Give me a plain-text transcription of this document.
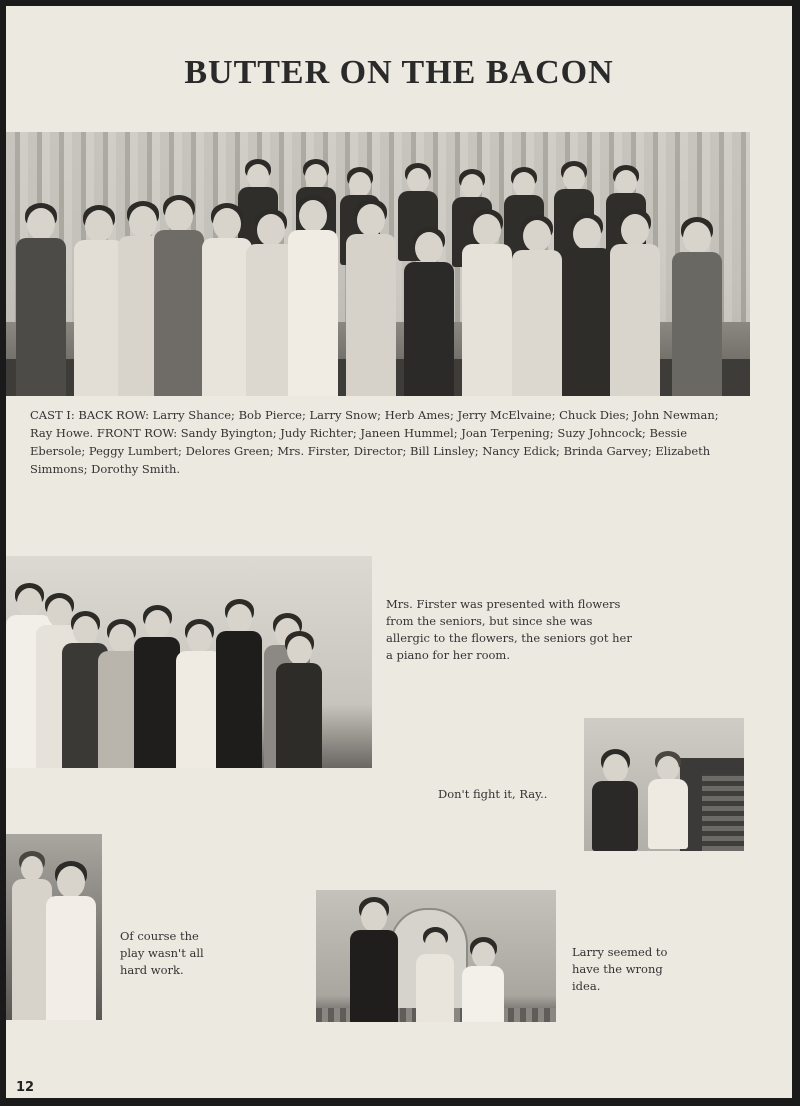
BUTTER ON THE BACON
CAST I: BACK ROW: Larry Shance; Bob Pierce; Larry Snow; Herb Ames; Jerry McElvaine; Chuck Dies; John Newman; Ray Howe. FRONT ROW: Sandy Byington; Judy Richter; Janeen Hummel; Joan Terpening; Suzy Johncock; Bessie Ebersole; Peggy Lumbert; Delores Green; Mrs. Firster, Director; Bill Linsley; Nancy Edick; Brinda Garvey; Elizabeth Simmons; Dorothy Smith.
Mrs. Firster was presented with flowers from the seniors, but since she was allergic to the flowers, the seniors got her a piano for her room.
Don't fight it, Ray..
Of course the play wasn't all hard work.
Larry seemed to have the wrong idea.
12
